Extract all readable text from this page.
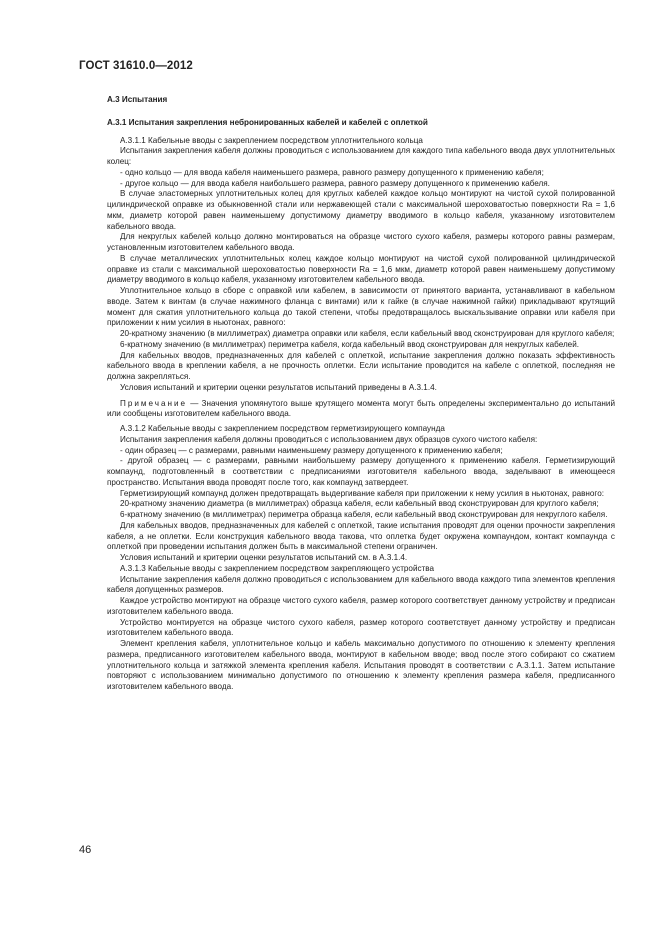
ГОСТ 31610.0—2012

А.3 Испытания

А.3.1 Испытания закрепления небронированных кабелей и кабелей с оплеткой

А.3.1.1 Кабельные вводы с закреплением посредством уплотнительного кольца

Испытания закрепления кабеля должны проводиться с использованием для каждого типа кабельного ввода двух уплотнительных колец:

- одно кольцо — для ввода кабеля наименьшего размера, равного размеру допущенного к применению кабеля;

- другое кольцо — для ввода кабеля наибольшего размера, равного размеру допущенного к применению кабеля.

В случае эластомерных уплотнительных колец для круглых кабелей каждое кольцо монтируют на чистой сухой полированной цилиндрической оправке из обыкновенной стали или нержавеющей стали с максимальной шероховатостью поверхности Ra = 1,6 мкм, диаметр которой равен наименьшему допустимому диаметру вводимого в кольцо кабеля, указанному изготовителем кабельного ввода.

Для некруглых кабелей кольцо должно монтироваться на образце чистого сухого кабеля, размеры которого равны размерам, установленным изготовителем кабельного ввода.

В случае металлических уплотнительных колец каждое кольцо монтируют на чистой сухой полированной цилиндрической оправке из стали с максимальной шероховатостью поверхности Ra = 1,6 мкм, диаметр которой равен наименьшему допустимому диаметру вводимого в кольцо кабеля, указанному изготовителем кабельного ввода.

Уплотнительное кольцо в сборе с оправкой или кабелем, в зависимости от принятого варианта, устанавливают в кабельном вводе. Затем к винтам (в случае нажимного фланца с винтами) или к гайке (в случае нажимной гайки) прикладывают крутящий момент для сжатия уплотнительного кольца до такой степени, чтобы предотвращалось выскальзывание оправки или кабеля при приложении к ним усилия в ньютонах, равного:

20-кратному значению (в миллиметрах) диаметра оправки или кабеля, если кабельный ввод сконструирован для круглого кабеля;

6-кратному значению (в миллиметрах) периметра кабеля, когда кабельный ввод сконструирован для некруглых кабелей.

Для кабельных вводов, предназначенных для кабелей с оплеткой, испытание закрепления должно показать эффективность кабельного ввода в креплении кабеля, а не прочность оплетки. Если испытание проводится на кабеле с оплеткой, последняя не должна закрепляться.

Условия испытаний и критерии оценки результатов испытаний приведены в А.3.1.4.

Примечание — Значения упомянутого выше крутящего момента могут быть определены экспериментально до испытаний или сообщены изготовителем кабельного ввода.

А.3.1.2 Кабельные вводы с закреплением посредством герметизирующего компаунда

Испытания закрепления кабеля должны проводиться с использованием двух образцов сухого чистого кабеля:

- один образец — с размерами, равными наименьшему размеру допущенного к применению кабеля;

- другой образец — с размерами, равными наибольшему размеру допущенного к применению кабеля. Герметизирующий компаунд, подготовленный в соответствии с предписаниями изготовителя кабельного ввода, заделывают в имеющееся пространство. Испытания ввода проводят после того, как компаунд затвердеет.

Герметизирующий компаунд должен предотвращать выдергивание кабеля при приложении к нему усилия в ньютонах, равного:

20-кратному значению диаметра (в миллиметрах) образца кабеля, если кабельный ввод сконструирован для круглого кабеля;

6-кратному значению (в миллиметрах) периметра образца кабеля, если кабельный ввод сконструирован для некруглого кабеля.

Для кабельных вводов, предназначенных для кабелей с оплеткой, такие испытания проводят для оценки прочности закрепления кабеля, а не оплетки. Если конструкция кабельного ввода такова, что оплетка будет окружена компаундом, контакт компаунда с оплеткой при проведении испытания должен быть в максимальной степени ограничен.

Условия испытаний и критерии оценки результатов испытаний см. в А.3.1.4.

А.3.1.3 Кабельные вводы с закреплением посредством закрепляющего устройства

Испытание закрепления кабеля должно проводиться с использованием для кабельного ввода каждого типа элементов крепления кабеля допущенных размеров.

Каждое устройство монтируют на образце чистого сухого кабеля, размер которого соответствует данному устройству и предписан изготовителем кабельного ввода.

Устройство монтируется на образце чистого сухого кабеля, размер которого соответствует данному устройству и предписан изготовителем кабельного ввода.

Элемент крепления кабеля, уплотнительное кольцо и кабель максимально допустимого по отношению к элементу крепления размера, предписанного изготовителем кабельного ввода, монтируют в кабельном вводе; ввод после этого собирают со сжатием уплотнительного кольца и затяжкой элемента крепления кабеля. Испытания проводят в соответствии с А.3.1.1. Затем испытание повторяют с использованием минимально допустимого по отношению к элементу крепления размера кабеля, предписанного изготовителем кабельного ввода.

46
